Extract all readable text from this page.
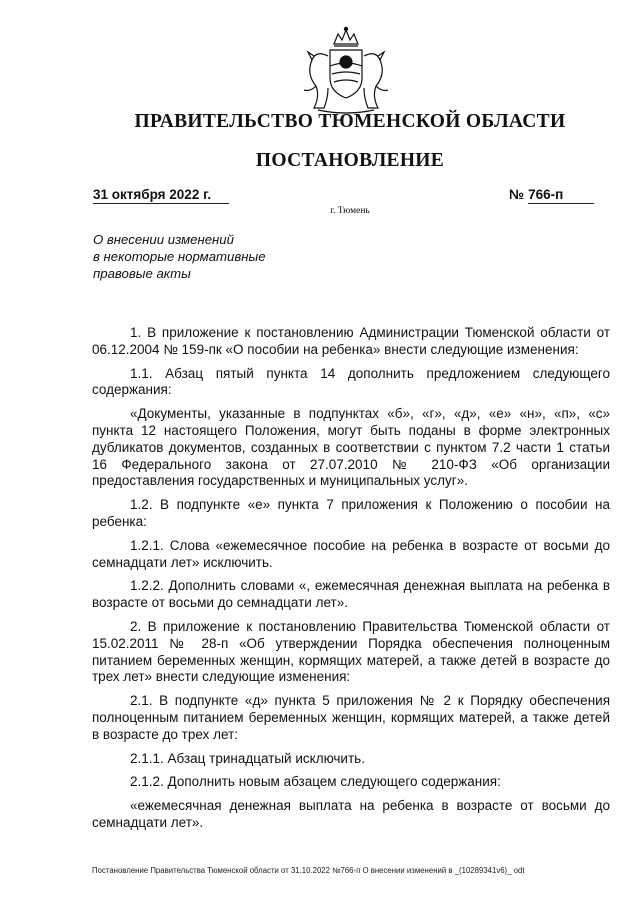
ПРАВИТЕЛЬСТВО ТЮМЕНСКОЙ ОБЛАСТИ
ПОСТАНОВЛЕНИЕ
31 октября 2022 г.	№ 766-п
г. Тюмень
О внесении изменений
в некоторые нормативные
правовые акты

1. В приложение к постановлению Администрации Тюменской области от 06.12.2004 № 159-пк «О пособии на ребенка» внести следующие изменения:

1.1. Абзац пятый пункта 14 дополнить предложением следующего содержания:

«Документы, указанные в подпунктах «б», «г», «д», «е» «н», «п», «с» пункта 12 настоящего Положения, могут быть поданы в форме электронных дубликатов документов, созданных в соответствии с пунктом 7.2 части 1 статьи 16 Федерального закона от 27.07.2010 № 210-ФЗ «Об организации предоставления государственных и муниципальных услуг».

1.2. В подпункте «е» пункта 7 приложения к Положению о пособии на ребенка:

1.2.1. Слова «ежемесячное пособие на ребенка в возрасте от восьми до семнадцати лет» исключить.

1.2.2. Дополнить словами «, ежемесячная денежная выплата на ребенка в возрасте от восьми до семнадцати лет».

2. В приложение к постановлению Правительства Тюменской области от 15.02.2011 № 28-п «Об утверждении Порядка обеспечения полноценным питанием беременных женщин, кормящих матерей, а также детей в возрасте до трех лет» внести следующие изменения:

2.1. В подпункте «д» пункта 5 приложения № 2 к Порядку обеспечения полноценным питанием беременных женщин, кормящих матерей, а также детей в возрасте до трех лет:

2.1.1. Абзац тринадцатый исключить.

2.1.2. Дополнить новым абзацем следующего содержания:

«ежемесячная денежная выплата на ребенка в возрасте от восьми до семнадцати лет».

Постановление Правительства Тюменской области от 31.10.2022 №766-п О внесении изменений в _(10289341v6)_ odt
